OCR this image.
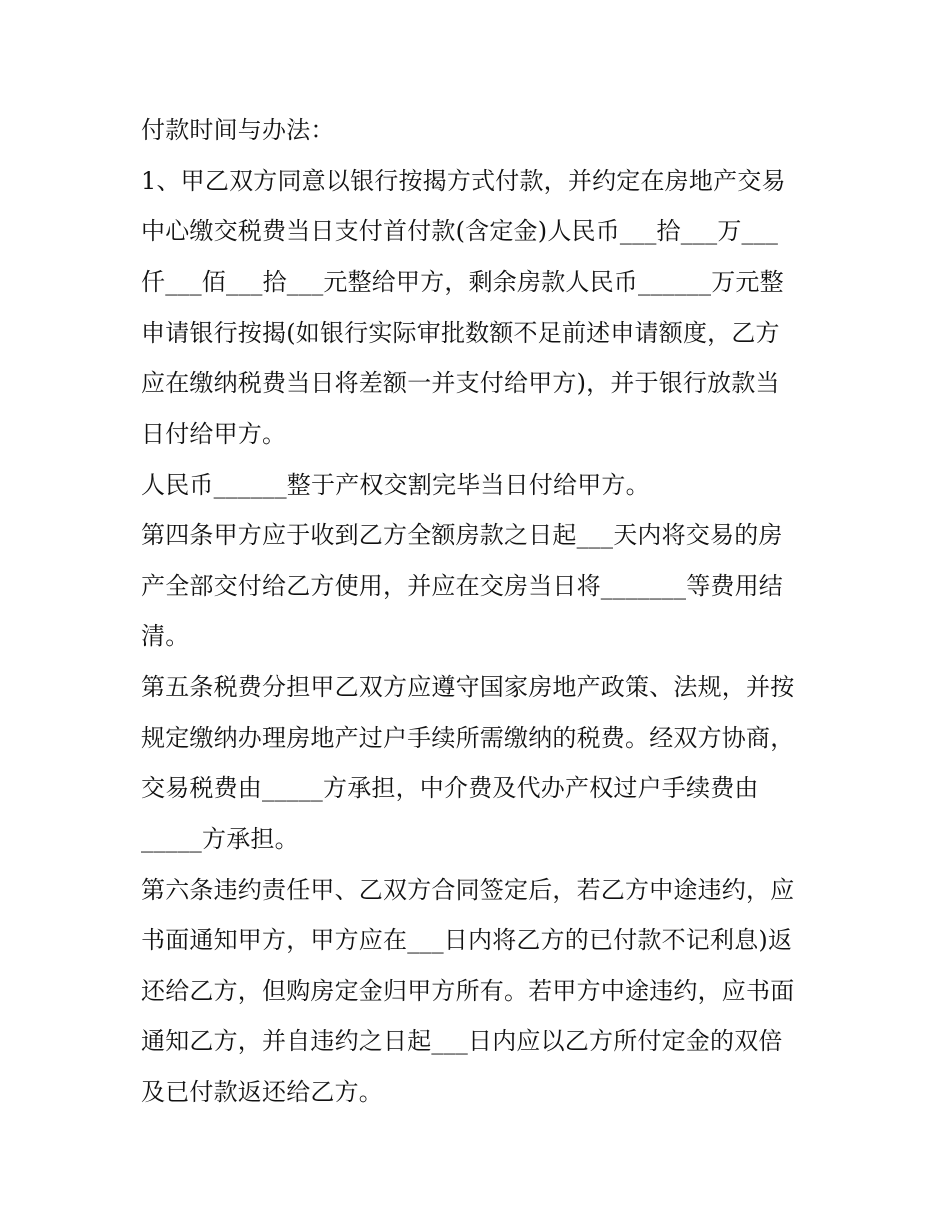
付款时间与办法：
1、甲乙双方同意以银行按揭方式付款，并约定在房地产交易
中心缴交税费当日支付首付款(含定金)人民币___拾___万___
仟___佰___拾___元整给甲方，剩余房款人民币______万元整
申请银行按揭(如银行实际审批数额不足前述申请额度，乙方
应在缴纳税费当日将差额一并支付给甲方)，并于银行放款当
日付给甲方。
人民币______整于产权交割完毕当日付给甲方。
第四条甲方应于收到乙方全额房款之日起___天内将交易的房
产全部交付给乙方使用，并应在交房当日将_______等费用结
清。
第五条税费分担甲乙双方应遵守国家房地产政策、法规，并按
规定缴纳办理房地产过户手续所需缴纳的税费。经双方协商，
交易税费由_____方承担，中介费及代办产权过户手续费由
_____方承担。
第六条违约责任甲、乙双方合同签定后，若乙方中途违约，应
书面通知甲方，甲方应在___日内将乙方的已付款不记利息)返
还给乙方，但购房定金归甲方所有。若甲方中途违约，应书面
通知乙方，并自违约之日起___日内应以乙方所付定金的双倍
及已付款返还给乙方。
